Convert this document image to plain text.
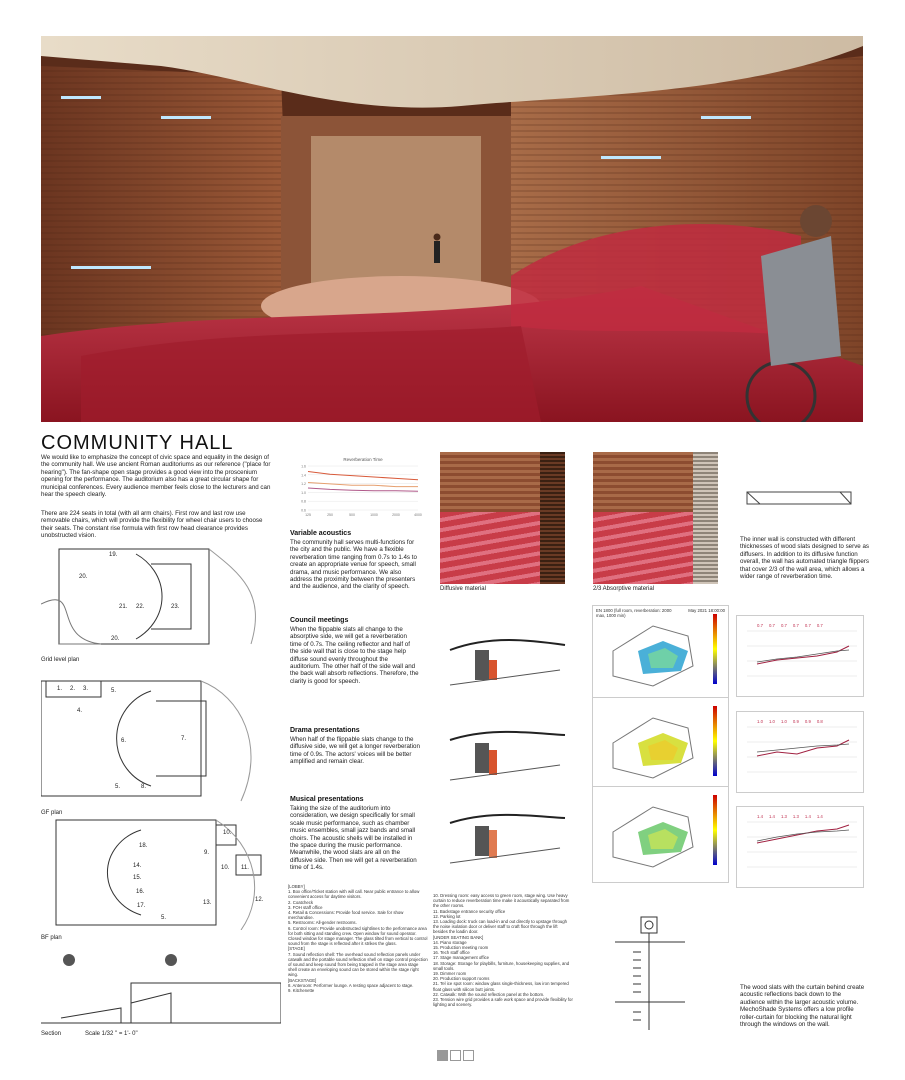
COMMUNITY HALL
We would like to emphasize the concept of civic space and equality in the design of the community hall. We use ancient Roman auditoriums as our reference ("place for hearing"). The fan-shape open stage provides a good view into the proscenium opening for the performance. The auditorium also has a great circular shape for municipal conferences. Every audience member feels close to the lecturers and can hear the speech clearly.
There are 224 seats in total (with all arm chairs). First row and last row use removable chairs, which will provide the flexibility for wheel chair users to choose their seats. The constant rise formula with first row head clearance provides unobstructed vision.
19.
20.
21. 22.	23.
20.
Grid level plan
1. 2. 3.	5.
4.
6.	7.
5.	8.
GF plan
18.
10.
9.
10. 11.
14.
15.
16.
17.	13.	12.
5.
BF plan
Section	Scale 1/32 " = 1'- 0"
Reverberation Time
1.6
1.4
1.2
1.0
0.8
0.6
125	250	500	1000	2000	4000
Variable acoustics
The community hall serves multi-functions for the city and the public. We have a flexible reverberation time ranging from 0.7s to 1.4s to create an appropriate venue for speech, small drama, and music performance. We also address the proximity between the presenters and the audience, and the clarity of speech.	Diffusive material	2/3 Absorptive material
The inner wall is constructed with different thicknesses of wood slats designed to serve as diffusers. In addition to its diffusive function overall, the wall has automated triangle flippers that cover 2/3 of the wall area, which allows a wider range of reverberation time.
Council meetings
When the flippable slats all change to the absorptive side, we will get a reverberation time of 0.7s. The ceiling reflector and half of the side wall that is close to the stage help diffuse sound evenly throughout the auditorium. The other half of the side wall and the back wall absorb reflections. Therefore, the clarity is good for speech.
Drama presentations
When half of the flippable slats change to the diffusive side, we will get a longer reverberation time of 0.9s. The actors' voices will be better amplified and remain clear.
Musical presentations
Taking the size of the auditorium into consideration, we design specifically for small scale music performance, such as chamber music ensembles, small jazz bands and small choirs. The acoustic shells will be installed in the space during the music performance. Meanwhile, the wood slats are all on the diffusive side. Then we will get a reverberation time of 1.4s.
EN 1800 (full room, reverberation: 2000 max, 1000 min)
May 2021 18:00:00
0.7 0.7 0.7 0.7 0.7 0.7
1.0 1.0 1.0 0.9 0.9 0.8
1.4 1.4 1.3 1.3 1.4 1.4
[LOBBY]
1. Box office/Ticket station with will call. Near public entrance to allow convenient access for daytime visitors.
2. Coatcheck
3. FOH staff office
4. Retail & Concessions: Provide food service. Sale for show merchandise.
5. Restrooms: All-gender restrooms.
6. Control room: Provide unobstructed sightlines to the performance area for both sitting and standing crew. Open window for sound operator. Closed window for stage manager. The glass tilted from vertical to control sound from the stage is reflected after it strikes the glass.
[STAGE]
7. Sound reflection shell: The overhead sound reflection panels under catwalk and the portable sound reflection shell on stage control projection of sound and keep sound from being trapped in the stage area stage shell create an enveloping sound can be stored within the stage right wing.
[BACKSTAGE]
8. Anteroom: Performer lounge. A resting space adjacent to stage.
9. Kitchenette
10. Dressing room: easy access to green room, stage wing. Use heavy curtain to reduce reverberation time make it acoustically separated from the other rooms.
11. Backstage entrance security office
12. Parking lot
13. Loading dock: truck can load-in and out directly to upstage through the noise isolation door or deliver staff to craft floor through the lift besides the loadin door.
[UNDER SEATING BANK]
14. Piano storage
15. Production meeting room
16. Tech staff office
17. Stage management office
18. Storage: Storage for playbills, furniture, housekeeping supplies, and small tools.
19. Dimmer room
20. Production support rooms
21. Tel ice spot room: window glass single-thickness, low iron tempered float glass with silicon butt joints.
22. Catwalk: With the sound reflection panel at the bottom.
23. Tension wire grid provides a safe work space and provide flexibility for lighting and scenery.
The wood slats with the curtain behind create acoustic reflections back down to the audience within the larger acoustic volume. MechoShade Systems offers a low profile roller-curtain for blocking the natural light through the windows on the wall.
